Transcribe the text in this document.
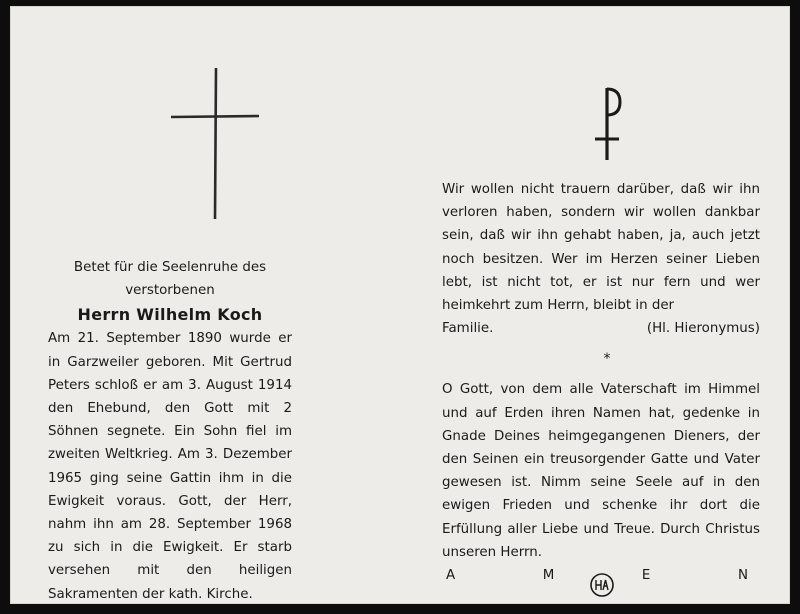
Betet für die Seelenruhe des verstorbenen
Herrn Wilhelm Koch
Am 21. September 1890 wurde er in Garzweiler geboren. Mit Gertrud Peters schloß er am 3. August 1914 den Ehebund, den Gott mit 2 Söhnen segnete. Ein Sohn fiel im zweiten Weltkrieg. Am 3. Dezember 1965 ging seine Gattin ihm in die Ewigkeit voraus. Gott, der Herr, nahm ihn am 28. September 1968 zu sich in die Ewigkeit. Er starb versehen mit den heiligen Sakramenten der kath. Kirche.
Wir wollen nicht trauern darüber, daß wir ihn verloren haben, sondern wir wollen dankbar sein, daß wir ihn gehabt haben, ja, auch jetzt noch besitzen. Wer im Herzen seiner Lieben lebt, ist nicht tot, er ist nur fern und wer heimkehrt zum Herrn, bleibt in der
Familie.	(Hl. Hieronymus)
*
O Gott, von dem alle Vaterschaft im Himmel und auf Erden ihren Namen hat, gedenke in Gnade Deines heimgegangenen Dieners, der den Seinen ein treusorgender Gatte und Vater gewesen ist. Nimm seine Seele auf in den ewigen Frieden und schenke ihr dort die Erfüllung aller Liebe und Treue. Durch Christus unseren Herrn.
A	M	E	N
